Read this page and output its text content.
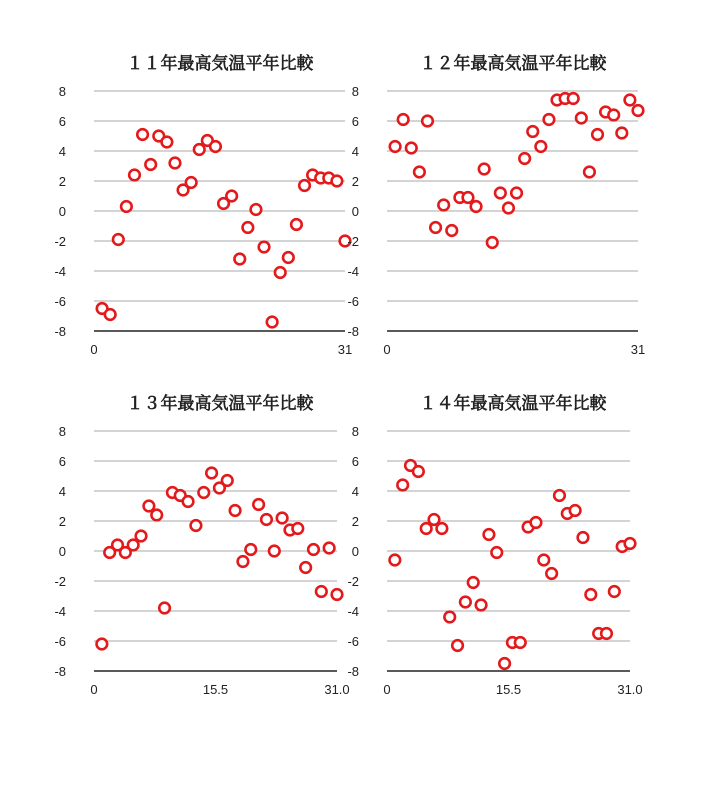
１１年最高気温平年比較
8
6
4
2
0
-2
-4
-6
-8
0	31
１２年最高気温平年比較
8
6
4
2
0
-2
-4
-6
-8
0	31
１３年最高気温平年比較
8
6
4
2
0
-2
-4
-6
-8
0	15.5	31.0
１４年最高気温平年比較
8
6
4
2
0
-2
-4
-6
-8
0	15.5	31.0
